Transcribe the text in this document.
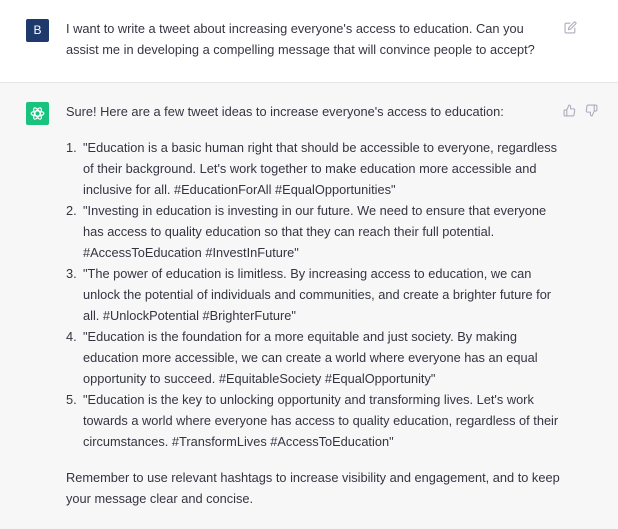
B	I want to write a tweet about increasing everyone's access to education. Can you assist me in developing a compelling message that will convince people to accept?

Sure! Here are a few tweet ideas to increase everyone's access to education:

1. "Education is a basic human right that should be accessible to everyone, regardless of their background. Let's work together to make education more accessible and inclusive for all. #EducationForAll #EqualOpportunities"
2. "Investing in education is investing in our future. We need to ensure that everyone has access to quality education so that they can reach their full potential. #AccessToEducation #InvestInFuture"
3. "The power of education is limitless. By increasing access to education, we can unlock the potential of individuals and communities, and create a brighter future for all. #UnlockPotential #BrighterFuture"
4. "Education is the foundation for a more equitable and just society. By making education more accessible, we can create a world where everyone has an equal opportunity to succeed. #EquitableSociety #EqualOpportunity"
5. "Education is the key to unlocking opportunity and transforming lives. Let's work towards a world where everyone has access to quality education, regardless of their circumstances. #TransformLives #AccessToEducation"

Remember to use relevant hashtags to increase visibility and engagement, and to keep your message clear and concise.
